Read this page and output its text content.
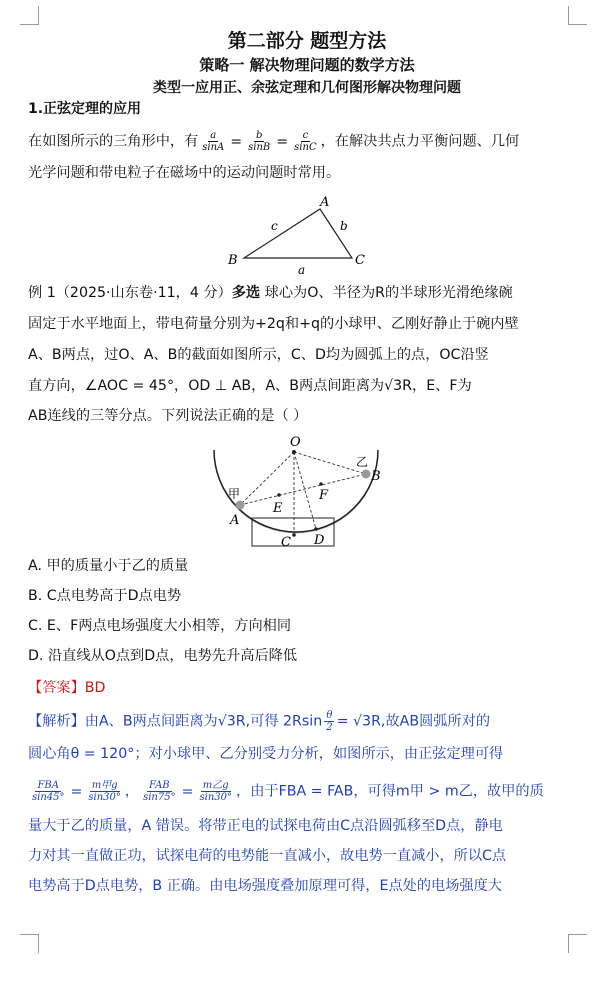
第二部分 题型方法
策略一 解决物理问题的数学方法
类型一应用正、余弦定理和几何图形解决物理问题
1.正弦定理的应用
在如图所示的三角形中，有 $\frac{a}{\sin A} = \frac{b}{\sin B} = \frac{c}{\sin C}$ ，在解决共点力平衡问题、几何
光学问题和带电粒子在磁场中的运动问题时常用。
A
B	C
c	b
a
例 1（2025·山东卷·11，4 分）多选 球心为O、半径为R的半球形光滑绝缘碗
固定于水平地面上，带电荷量分别为+2q和+q的小球甲、乙刚好静止于碗内壁
A、B两点，过O、A、B的截面如图所示，C、D均为圆弧上的点，OC沿竖
直方向，∠AOC = 45°，OD ⊥ AB，A、B两点间距离为√3R，E、F为
AB连线的三等分点。下列说法正确的是（ ）
O
甲
A
乙
B
E
F
C D
A. 甲的质量小于乙的质量
B. C点电势高于D点电势
C. E、F两点电场强度大小相等，方向相同
D. 沿直线从O点到D点，电势先升高后降低
【答案】BD
【解析】由A、B两点间距离为√3R,可得 $2Rsin \frac{\theta}{2} = √3R$,故AB圆弧所对的
圆心角θ = 120°；对小球甲、乙分别受力分析，如图所示，由正弦定理可得
$\frac{\text{FBA}}{\sin 45^\circ} = \frac{\text{m甲g}}{\sin 30^\circ}$ ， $\frac{\text{FAB}}{\sin 75^\circ} = \frac{\text{m乙g}}{\sin 30^\circ}$ ，由于FBA = FAB，可得m甲 > m乙，故甲的质
量大于乙的质量，A 错误。将带正电的试探电荷由C点沿圆弧移至D点，静电
力对其一直做正功，试探电荷的电势能一直减小，故电势一直减小，所以C点
电势高于D点电势，B 正确。由电场强度叠加原理可得，E点处的电场强度大
